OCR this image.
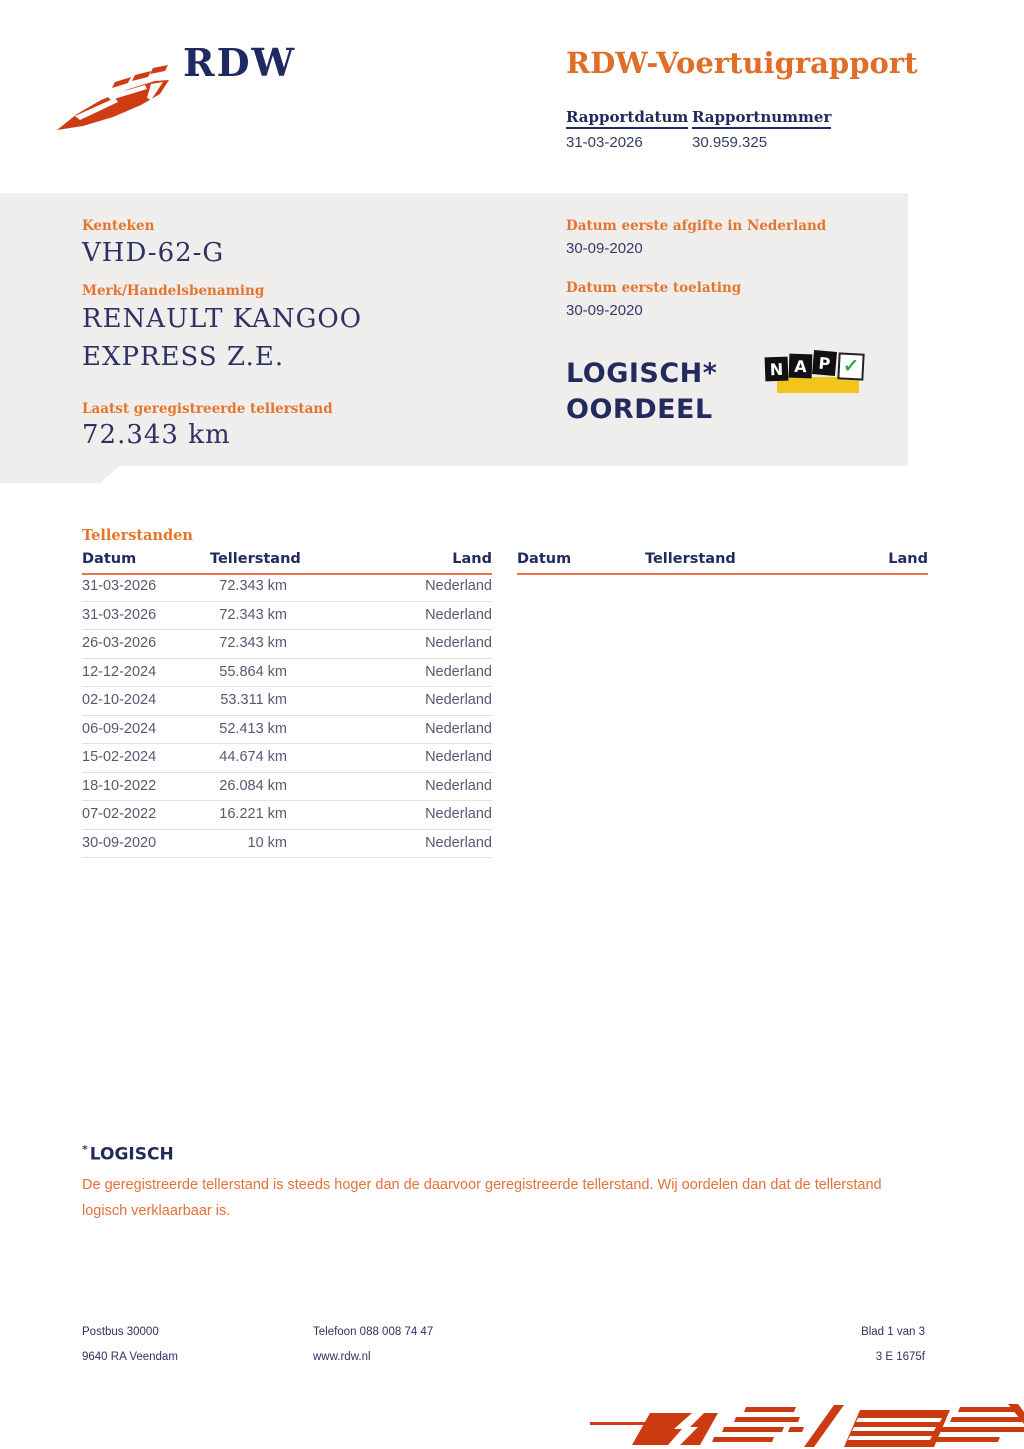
RDW	RDW-Voertuigrapport
Rapportdatum Rapportnummer
31-03-2026	30.959.325
Kenteken
VHD-62-G
Merk/Handelsbenaming
RENAULT KANGOO
EXPRESS Z.E.
Laatst geregistreerde tellerstand
72.343 km
Datum eerste afgifte in Nederland
30-09-2020
Datum eerste toelating
30-09-2020
LOGISCH*
OORDEEL
N A P ✓
Tellerstanden
Datum	Tellerstand	Land Datum	Tellerstand	Land
31-03-2026	72.343 km	Nederland
31-03-2026	72.343 km	Nederland
26-03-2026	72.343 km	Nederland
12-12-2024	55.864 km	Nederland
02-10-2024	53.311 km	Nederland
06-09-2024	52.413 km	Nederland
15-02-2024	44.674 km	Nederland
18-10-2022	26.084 km	Nederland
07-02-2022	16.221 km	Nederland
30-09-2020	10 km	Nederland
* LOGISCH
De geregistreerde tellerstand is steeds hoger dan de daarvoor geregistreerde tellerstand. Wij oordelen dan dat de tellerstand logisch verklaarbaar is.
Postbus 30000
9640 RA Veendam
Telefoon 088 008 74 47
www.rdw.nl
Blad 1 van 3
3 E 1675f
